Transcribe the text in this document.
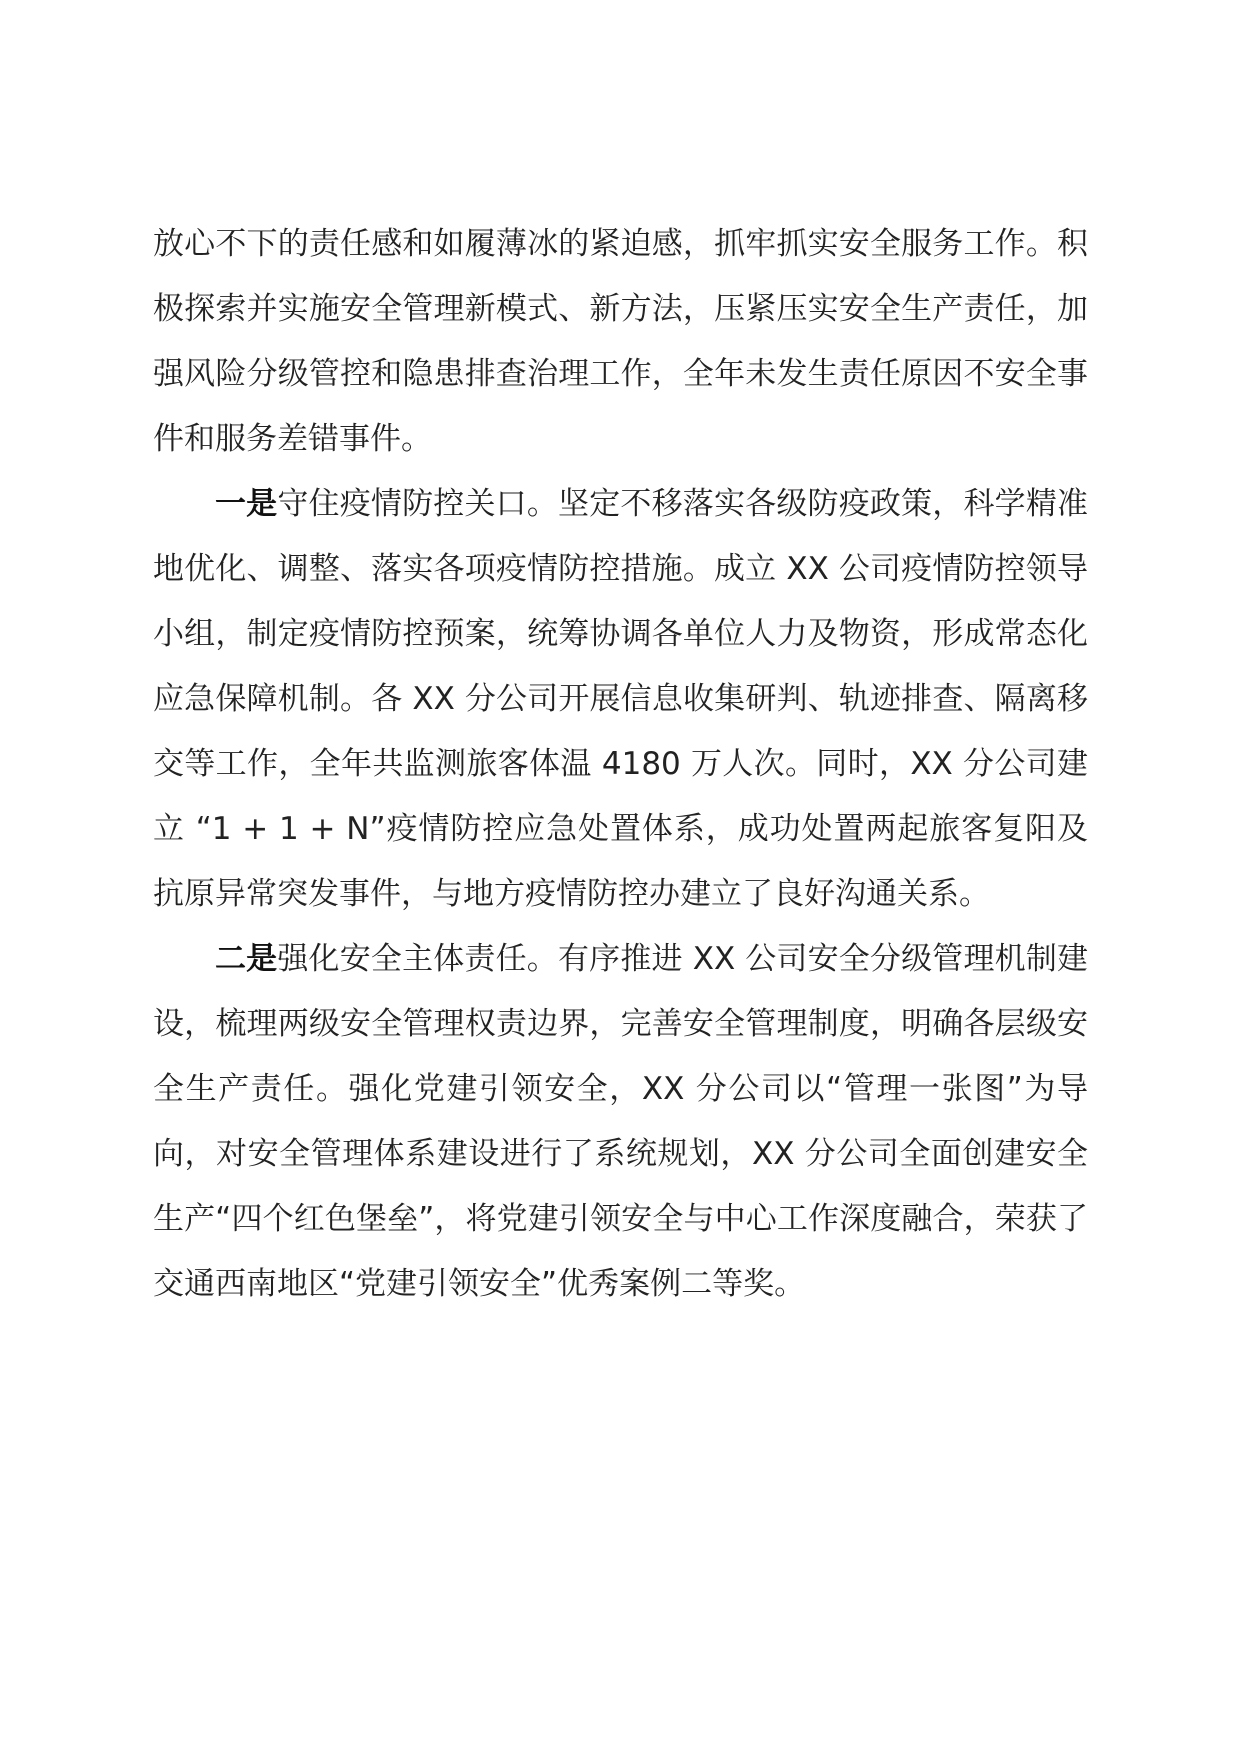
放心不下的责任感和如履薄冰的紧迫感，抓牢抓实安全服务工作。积极探索并实施安全管理新模式、新方法，压紧压实安全生产责任，加强风险分级管控和隐患排查治理工作，全年未发生责任原因不安全事件和服务差错事件。

一是守住疫情防控关口。坚定不移落实各级防疫政策，科学精准地优化、调整、落实各项疫情防控措施。成立 XX 公司疫情防控领导小组，制定疫情防控预案，统筹协调各单位人力及物资，形成常态化应急保障机制。各 XX 分公司开展信息收集研判、轨迹排查、隔离移交等工作，全年共监测旅客体温 4180 万人次。同时，XX 分公司建立 “1 + 1 + N”疫情防控应急处置体系，成功处置两起旅客复阳及抗原异常突发事件，与地方疫情防控办建立了良好沟通关系。

二是强化安全主体责任。有序推进 XX 公司安全分级管理机制建设，梳理两级安全管理权责边界，完善安全管理制度，明确各层级安全生产责任。强化党建引领安全，XX 分公司以“管理一张图”为导向，对安全管理体系建设进行了系统规划，XX 分公司全面创建安全生产“四个红色堡垒”，将党建引领安全与中心工作深度融合，荣获了交通西南地区“党建引领安全”优秀案例二等奖。
